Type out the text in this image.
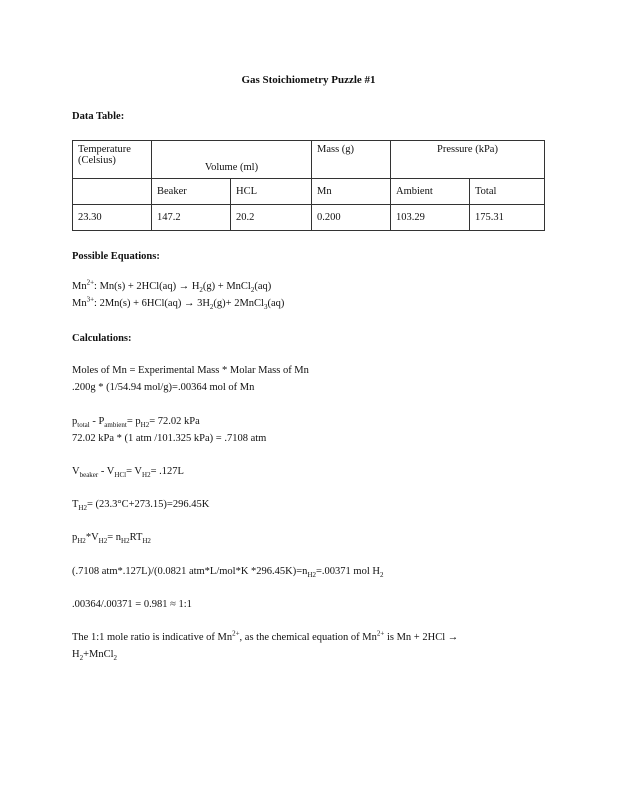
Gas Stoichiometry Puzzle #1
Data Table:
Temperature (Celsius)	Volume (ml)		Mass (g)	Pressure (kPa)	
	Beaker	HCL	Mn	Ambient	Total
23.30	147.2	20.2	0.200	103.29	175.31
Possible Equations:
$Mn^{2+}$: $Mn(s) + 2HCl(aq) \to H_2(g)$ + MnCl$_2$(aq)
$Mn^{3+}$: $2Mn(s) + 6HCl(aq) \to 3H_2(g)+$ 2MnCl$_3$(aq)
Calculations:
Moles of Mn = Experimental Mass * Molar Mass of Mn
.200g * (1/54.94 mol/g)=.00364 mol of Mn
$p_{total} - P_{ambient}= p_{H2}= 72.02$ kPa
72.02 kPa * (1 atm /101.325 kPa) = .7108 atm
$V_{beaker} - V_{HCl}= V_{H2}= .127L$
$T_{H2}= (23.3^\circ C+273.15)=296.45K$
$p_{H2}*V_{H2}= n_{H2}RT_{H2}$
(.7108 atm*.127L)/(0.0821 atm*L/mol*K $*296.45K)=n_{H2}=.00371$ mol $H_2$
.00364/.00371 = 0.981 ≈ 1:1
The 1:1 mole ratio is indicative of $Mn^{2+}$, as the chemical equation of $Mn^{2+}$ is Mn + 2HCl →
$H_2+MnCl_2$
